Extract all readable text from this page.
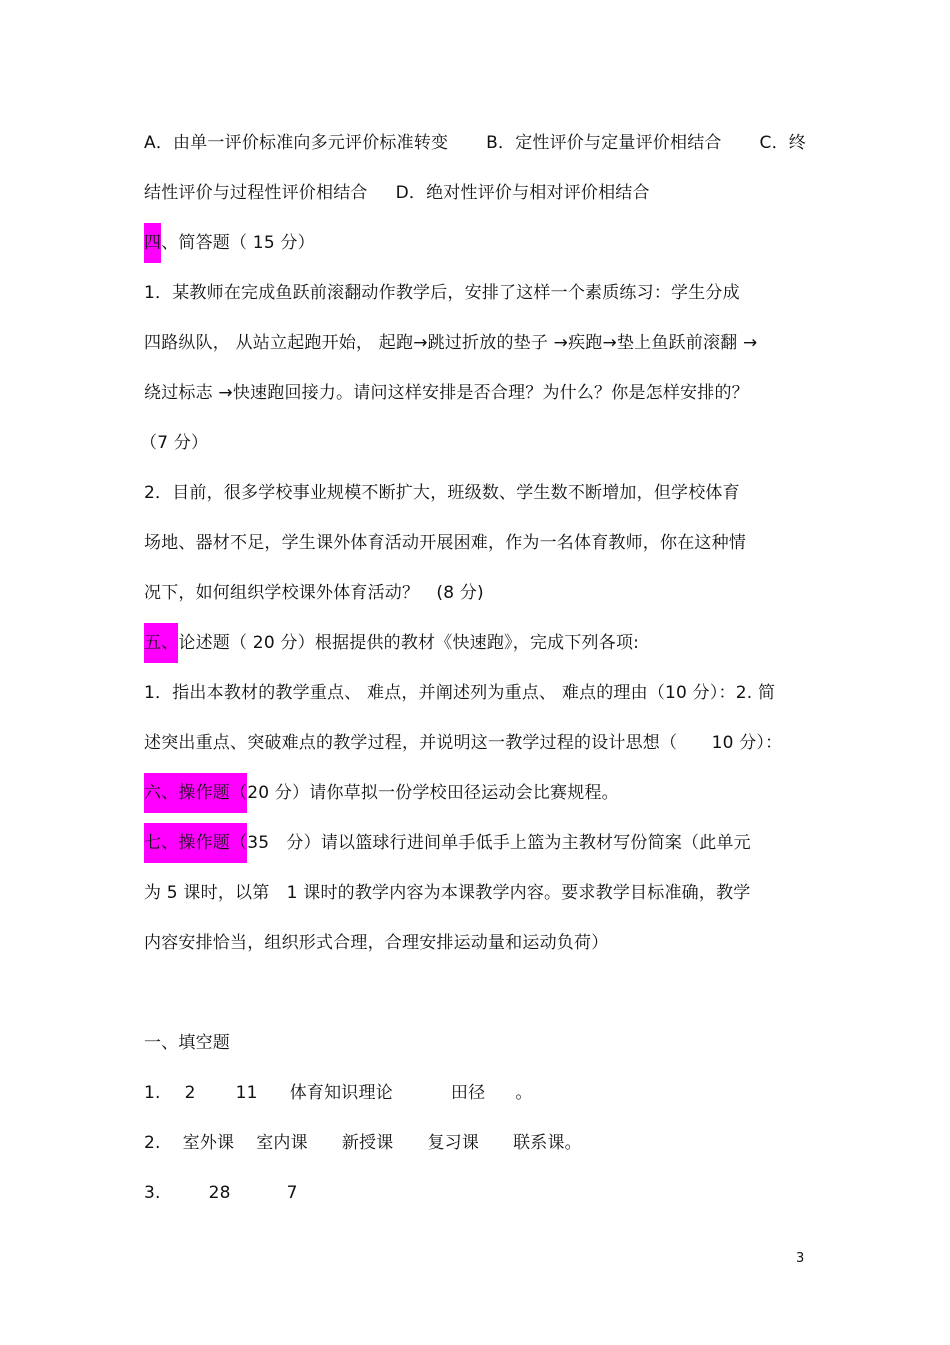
A．由单一评价标准向多元评价标准转变 B．定性评价与定量评价相结合 C．终
结性评价与过程性评价相结合 D．绝对性评价与相对评价相结合
四、简答题（ 15 分）
1．某教师在完成鱼跃前滚翻动作教学后，安排了这样一个素质练习：学生分成
四路纵队， 从站立起跑开始， 起跑→跳过折放的垫子 →疾跑→垫上鱼跃前滚翻 →
绕过标志 →快速跑回接力。请问这样安排是否合理？为什么？你是怎样安排的？
（7 分）
2．目前，很多学校事业规模不断扩大，班级数、学生数不断增加，但学校体育
场地、器材不足，学生课外体育活动开展困难，作为一名体育教师，你在这种情
况下，如何组织学校课外体育活动？　(8 分)
五、论述题（ 20 分）根据提供的教材《快速跑》，完成下列各项:
1．指出本教材的教学重点、 难点，并阐述列为重点、 难点的理由（10 分）：2. 简
述突出重点、突破难点的教学过程，并说明这一教学过程的设计思想（　　10 分）：
六、操作题（20 分）请你草拟一份学校田径运动会比赛规程。
七、操作题（35　分）请以篮球行进间单手低手上篮为主教材写份简案（此单元
为 5 课时，以第　1 课时的教学内容为本课教学内容。要求教学目标准确，教学
内容安排恰当，组织形式合理，合理安排运动量和运动负荷）
一、填空题
1. 2 11 体育知识理论	田径 。
2. 室外课 室内课 新授课 复习课 联系课。
3.	28	7
3
